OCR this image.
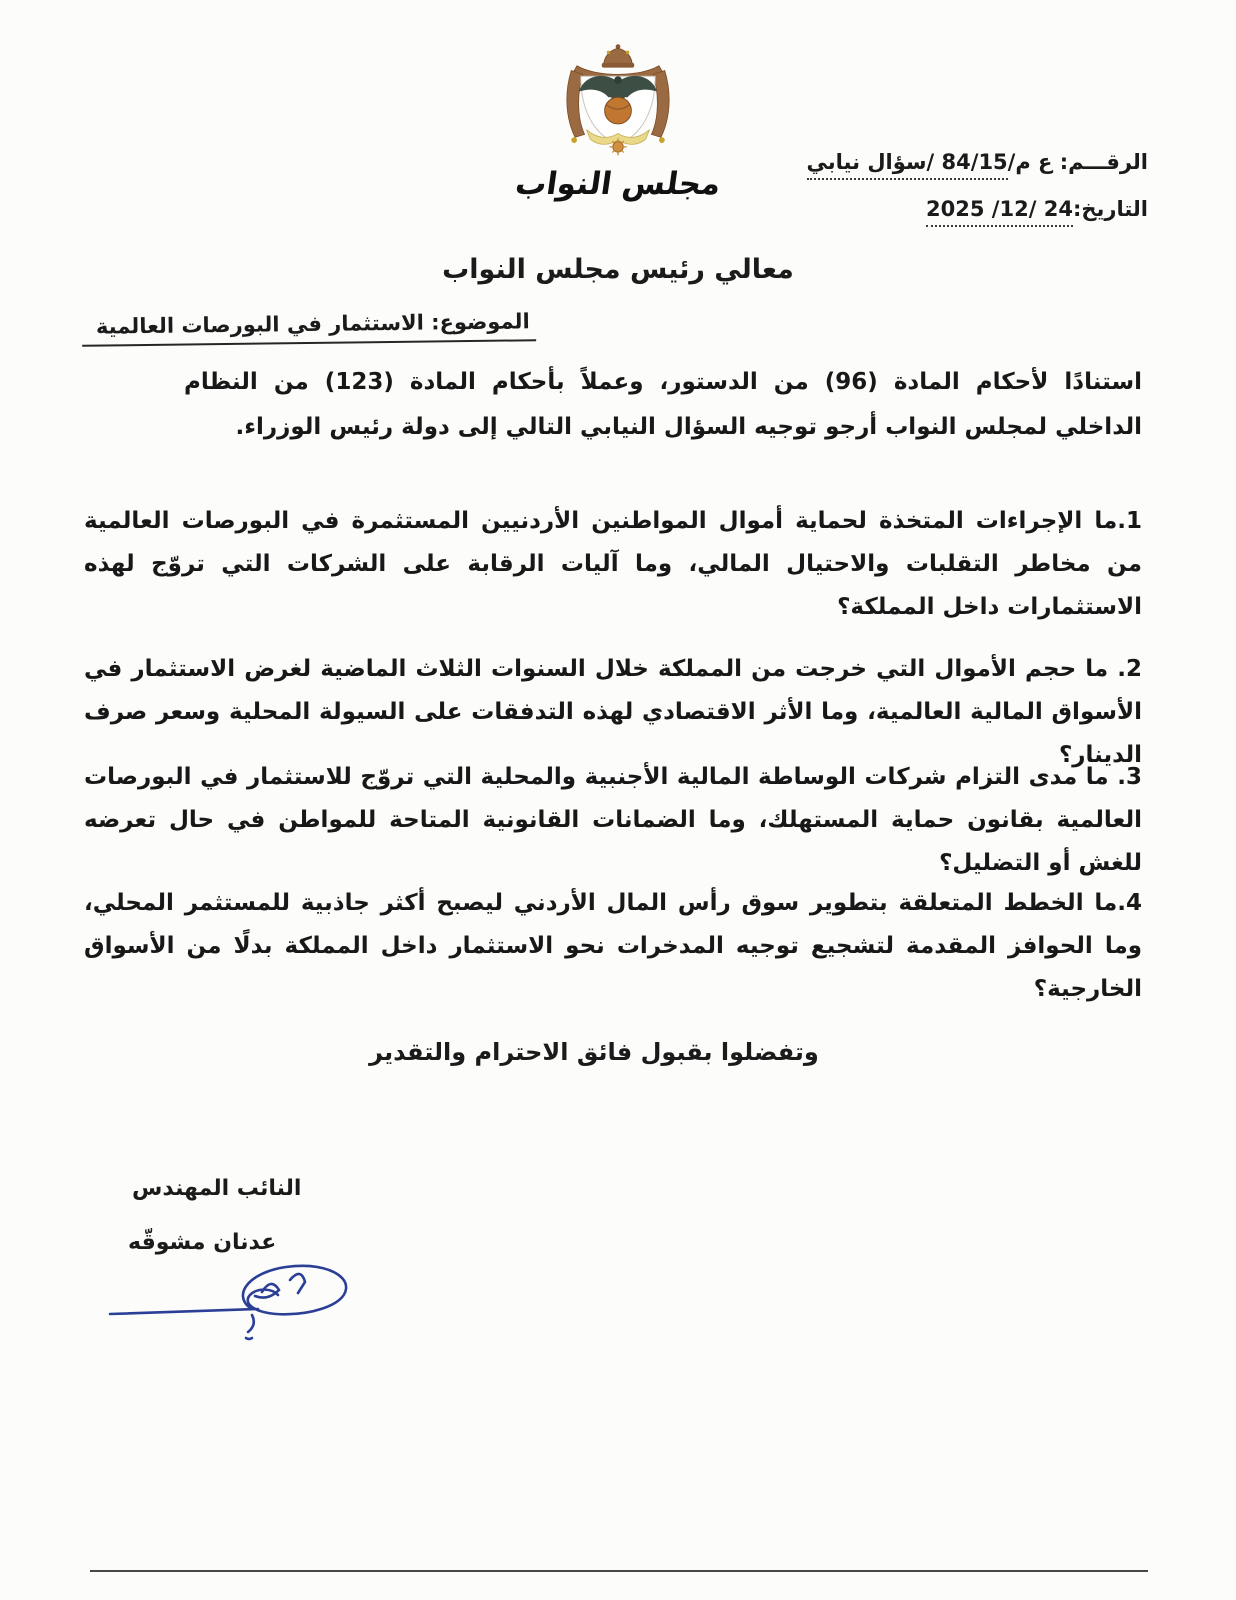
مجلس النواب
الرقـــم: ع م/84/15 /سؤال نيابي
التاريخ:24 /12/ 2025
معالي رئيس مجلس النواب
الموضوع: الاستثمار في البورصات العالمية
استنادًا لأحكام المادة (96) من الدستور، وعملاً بأحكام المادة (123) من النظام الداخلي لمجلس النواب أرجو توجيه السؤال النيابي التالي إلى دولة رئيس الوزراء.
1.ما الإجراءات المتخذة لحماية أموال المواطنين الأردنيين المستثمرة في البورصات العالمية من مخاطر التقلبات والاحتيال المالي، وما آليات الرقابة على الشركات التي تروّج لهذه الاستثمارات داخل المملكة؟
2. ما حجم الأموال التي خرجت من المملكة خلال السنوات الثلاث الماضية لغرض الاستثمار في الأسواق المالية العالمية، وما الأثر الاقتصادي لهذه التدفقات على السيولة المحلية وسعر صرف الدينار؟
3. ما مدى التزام شركات الوساطة المالية الأجنبية والمحلية التي تروّج للاستثمار في البورصات العالمية بقانون حماية المستهلك، وما الضمانات القانونية المتاحة للمواطن في حال تعرضه للغش أو التضليل؟
4.ما الخطط المتعلقة بتطوير سوق رأس المال الأردني ليصبح أكثر جاذبية للمستثمر المحلي، وما الحوافز المقدمة لتشجيع توجيه المدخرات نحو الاستثمار داخل المملكة بدلًا من الأسواق الخارجية؟
وتفضلوا بقبول فائق الاحترام والتقدير
النائب المهندس
عدنان مشوقّه
